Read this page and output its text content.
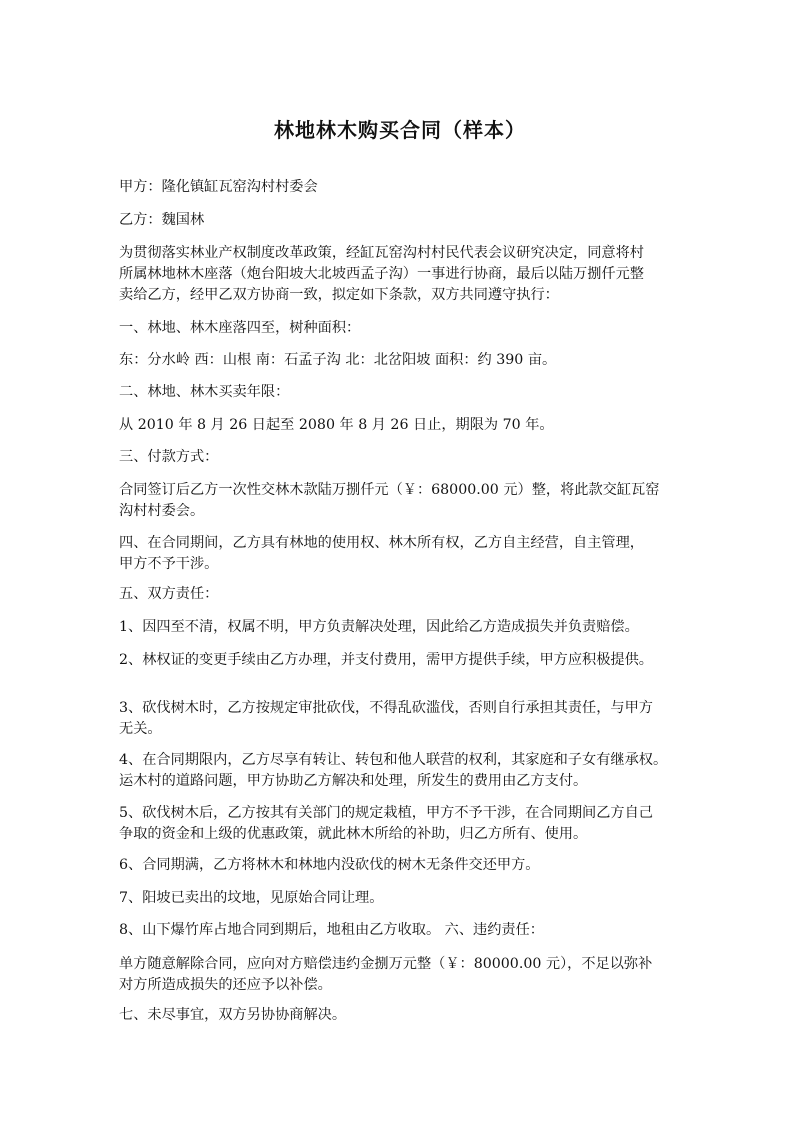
林地林木购买合同（样本）
甲方：隆化镇缸瓦窑沟村村委会
乙方：魏国林
为贯彻落实林业产权制度改革政策，经缸瓦窑沟村村民代表会议研究决定，同意将村
所属林地林木座落（炮台阳坡大北坡西孟子沟）一事进行协商，最后以陆万捌仟元整
卖给乙方，经甲乙双方协商一致，拟定如下条款，双方共同遵守执行：
一、林地、林木座落四至，树种面积：
东：分水岭 西：山根 南：石孟子沟 北：北岔阳坡 面积：约 390 亩。
二、林地、林木买卖年限：
从 2010 年 8 月 26 日起至 2080 年 8 月 26 日止，期限为 70 年。
三、付款方式：
合同签订后乙方一次性交林木款陆万捌仟元（￥：68000.00 元）整，将此款交缸瓦窑
沟村村委会。
四、在合同期间，乙方具有林地的使用权、林木所有权，乙方自主经营，自主管理，
甲方不予干涉。
五、双方责任：
1、因四至不清，权属不明，甲方负责解决处理，因此给乙方造成损失并负责赔偿。
2、林权证的变更手续由乙方办理，并支付费用，需甲方提供手续，甲方应积极提供。
3、砍伐树木时，乙方按规定审批砍伐，不得乱砍滥伐，否则自行承担其责任，与甲方
无关。
4、在合同期限内，乙方尽享有转让、转包和他人联营的权利，其家庭和子女有继承权。
运木村的道路问题，甲方协助乙方解决和处理，所发生的费用由乙方支付。
5、砍伐树木后，乙方按其有关部门的规定栽植，甲方不予干涉，在合同期间乙方自己
争取的资金和上级的优惠政策，就此林木所给的补助，归乙方所有、使用。
6、合同期满，乙方将林木和林地内没砍伐的树木无条件交还甲方。
7、阳坡已卖出的坟地，见原始合同让理。
8、山下爆竹库占地合同到期后，地租由乙方收取。 六、违约责任：
单方随意解除合同，应向对方赔偿违约金捌万元整（￥：80000.00 元），不足以弥补
对方所造成损失的还应予以补偿。
七、未尽事宜，双方另协协商解决。
